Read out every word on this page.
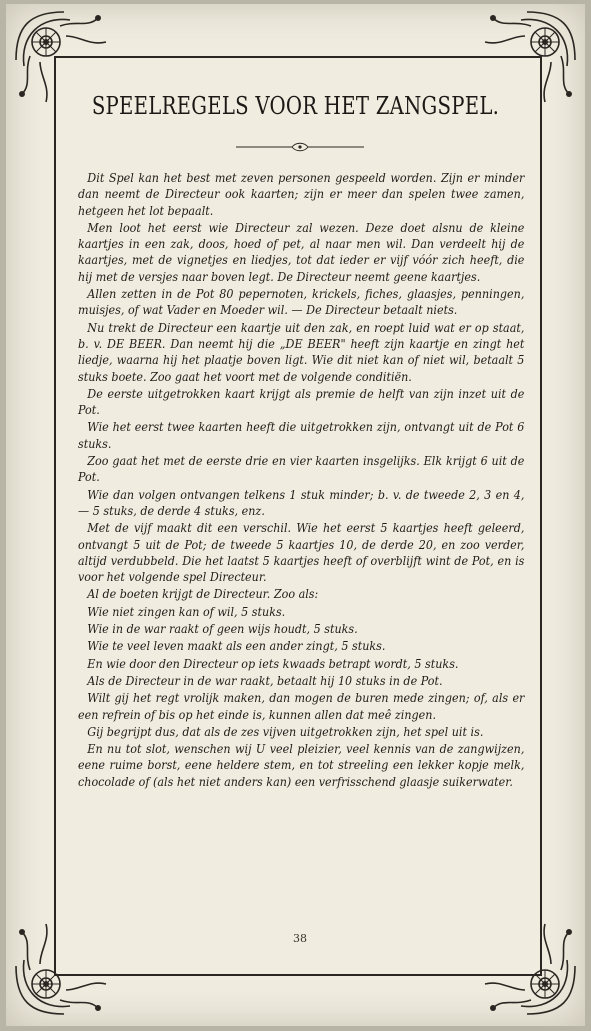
SPEELREGELS VOOR HET ZANGSPEL.

Dit Spel kan het best met zeven personen gespeeld worden. Zijn er minder dan neemt de Directeur ook kaarten; zijn er meer dan spelen twee zamen, hetgeen het lot bepaalt.

Men loot het eerst wie Directeur zal wezen. Deze doet alsnu de kleine kaartjes in een zak, doos, hoed of pet, al naar men wil. Dan verdeelt hij de kaartjes, met de vignetjes en liedjes, tot dat ieder er vijf vóór zich heeft, die hij met de versjes naar boven legt. De Directeur neemt geene kaartjes.

Allen zetten in de Pot 80 pepernoten, krickels, fiches, glaasjes, penningen, muisjes, of wat Vader en Moeder wil. — De Directeur betaalt niets.

Nu trekt de Directeur een kaartje uit den zak, en roept luid wat er op staat, b. v. DE BEER. Dan neemt hij die „DE BEER" heeft zijn kaartje en zingt het liedje, waarna hij het plaatje boven ligt. Wie dit niet kan of niet wil, betaalt 5 stuks boete. Zoo gaat het voort met de volgende conditiën.

De eerste uitgetrokken kaart krijgt als premie de helft van zijn inzet uit de Pot.

Wie het eerst twee kaarten heeft die uitgetrokken zijn, ontvangt uit de Pot 6 stuks.

Zoo gaat het met de eerste drie en vier kaarten insgelijks. Elk krijgt 6 uit de Pot.

Wie dan volgen ontvangen telkens 1 stuk minder; b. v. de tweede 2, 3 en 4, — 5 stuks, de derde 4 stuks, enz.

Met de vijf maakt dit een verschil. Wie het eerst 5 kaartjes heeft geleerd, ontvangt 5 uit de Pot; de tweede 5 kaartjes 10, de derde 20, en zoo verder, altijd verdubbeld. Die het laatst 5 kaartjes heeft of overblijft wint de Pot, en is voor het volgende spel Directeur.

Al de boeten krijgt de Directeur. Zoo als:

Wie niet zingen kan of wil, 5 stuks.

Wie in de war raakt of geen wijs houdt, 5 stuks.

Wie te veel leven maakt als een ander zingt, 5 stuks.

En wie door den Directeur op iets kwaads betrapt wordt, 5 stuks.

Als de Directeur in de war raakt, betaalt hij 10 stuks in de Pot.

Wilt gij het regt vrolijk maken, dan mogen de buren mede zingen; of, als er een refrein of bis op het einde is, kunnen allen dat meê zingen.

Gij begrijpt dus, dat als de zes vijven uitgetrokken zijn, het spel uit is.

En nu tot slot, wenschen wij U veel pleizier, veel kennis van de zangwijzen, eene ruime borst, eene heldere stem, en tot streeling een lekker kopje melk, chocolade of (als het niet anders kan) een verfrisschend glaasje suikerwater.

38
